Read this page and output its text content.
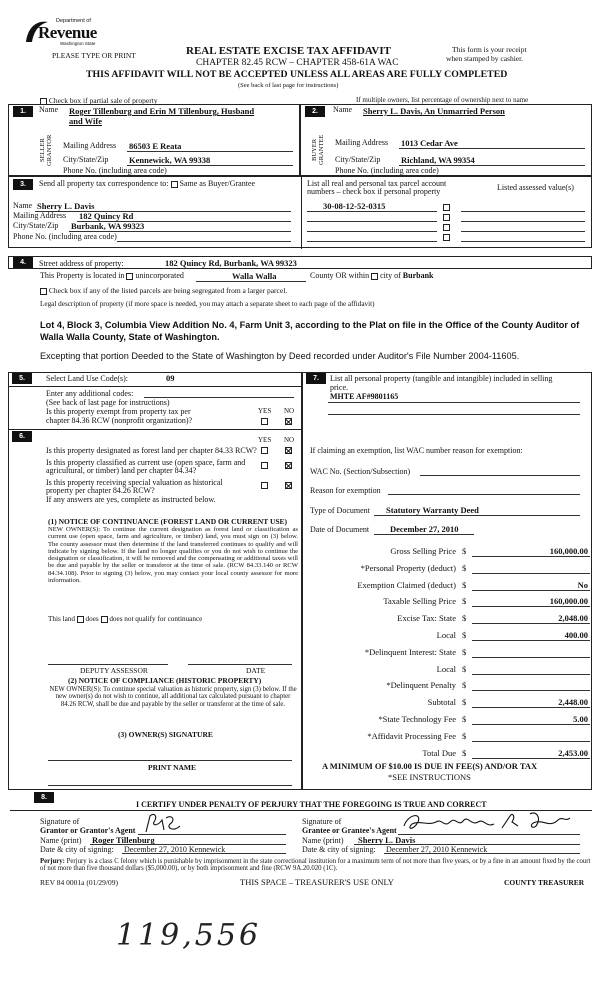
Department of
Revenue
Washington State
PLEASE TYPE OR PRINT	REAL ESTATE EXCISE TAX AFFIDAVIT
CHAPTER 82.45 RCW – CHAPTER 458-61A WAC
This form is your receipt
when stamped by cashier.
THIS AFFIDAVIT WILL NOT BE ACCEPTED UNLESS ALL AREAS ARE FULLY COMPLETED
(See back of last page for instructions)
Check box if partial sale of property	If multiple owners, list percentage of ownership next to name
1.
SELLER GRANTOR
Name Roger Tillenburg and Erin M Tillenburg, Husband
and Wife
Mailing Address 86503 E Reata
City/State/Zip Kennewick, WA 99338
Phone No. (including area code)
2.
BUYER GRANTEE
Name Sherry L. Davis, An Unmarried Person
Mailing Address 1013 Cedar Ave
City/State/Zip Richland, WA 99354
Phone No. (including area code)
3.	Send all property tax correspondence to: Same as Buyer/Grantee	List all real and personal tax parcel account
numbers – check box if personal property	Listed assessed value(s)
30-08-12-52-0315
Name Sherry L. Davis
Mailing Address 182 Quincy Rd
City/State/Zip Burbank, WA 99323
Phone No. (including area code)
4.	Street address of property:	182 Quincy Rd, Burbank, WA 99323
This Property is located in unincorporated	Walla Walla	County OR within city of Burbank
Check box if any of the listed parcels are being segregated from a larger parcel.
Legal description of property (if more space is needed, you may attach a separate sheet to each page of the affidavit)
Lot 4, Block 3, Columbia View Addition No. 4, Farm Unit 3, according to the Plat on file in the Office of the County Auditor of
Walla Walla County, State of Washington.
Excepting that portion Deeded to the State of Washington by Deed recorded under Auditor's File Number 2004-11605.
5.	Select Land Use Code(s):	09
Enter any additional codes:
(See back of last page for instructions)
YES NO
Is this property exempt from property tax per
chapter 84.36 RCW (nonprofit organization)?
6.	YES NO
Is this property designated as forest land per chapter 84.33 RCW?
Is this property classified as current use (open space, farm and
agricultural, or timber) land per chapter 84.34?
Is this property receiving special valuation as historical
property per chapter 84.26 RCW?
If any answers are yes, complete as instructed below.
(1) NOTICE OF CONTINUANCE (FOREST LAND OR CURRENT USE)
NEW OWNER(S): To continue the current designation as forest land or classification as current use (open space, farm and agriculture, or timber) land, you must sign on (3) below. The county assessor must then determine if the land transferred continues to qualify and will indicate by signing below. If the land no longer qualifies or you do not wish to continue the designation or classification, it will be removed and the compensating or additional taxes will be due and payable by the seller or transferor at the time of sale. (RCW 84.33.140 or RCW 84.34.108). Prior to signing (3) below, you may contact your local county assessor for more information.
This land does does not qualify for continuance
DEPUTY ASSESSOR	DATE
(2) NOTICE OF COMPLIANCE (HISTORIC PROPERTY)
NEW OWNER(S): To continue special valuation as historic property, sign (3) below. If the new owner(s) do not wish to continue, all additional tax calculated pursuant to chapter 84.26 RCW, shall be due and payable by the seller or transferor at the time of sale.
(3) OWNER(S) SIGNATURE
PRINT NAME
7.	List all personal property (tangible and intangible) included in selling
price.
MHTE AF#9801165
If claiming an exemption, list WAC number reason for exemption:
WAC No. (Section/Subsection)
Reason for exemption
Type of Document Statutory Warranty Deed
Date of Document December 27, 2010
Gross Selling Price $	160,000.00
*Personal Property (deduct) $

Exemption Claimed (deduct) $	No
Taxable Selling Price $	160,000.00
Excise Tax: State $	2,048.00
Local $	400.00
*Delinquent Interest: State $

Local $

*Delinquent Penalty $

Subtotal $	2,448.00
*State Technology Fee $	5.00
*Affidavit Processing Fee $

Total Due $	2,453.00
A MINIMUM OF $10.00 IS DUE IN FEE(S) AND/OR TAX
*SEE INSTRUCTIONS
8.
I CERTIFY UNDER PENALTY OF PERJURY THAT THE FOREGOING IS TRUE AND CORRECT
Signature of
Grantor or Grantor's Agent
Name (print) Roger Tillenburg
Date & city of signing: December 27, 2010 Kennewick
Signature of
Grantee or Grantee's Agent
Name (print) Sherry L. Davis
Date & city of signing: December 27, 2010 Kennewick
Perjury: Perjury is a class C felony which is punishable by imprisonment in the state correctional institution for a maximum term of not more than five years, or by a fine in an amount fixed by the court of not more than five thousand dollars ($5,000.00), or by both imprisonment and fine (RCW 9A.20.020 (1C).
REV 84 0001a (01/29/09)	THIS SPACE – TREASURER'S USE ONLY	COUNTY TREASURER
119,556
